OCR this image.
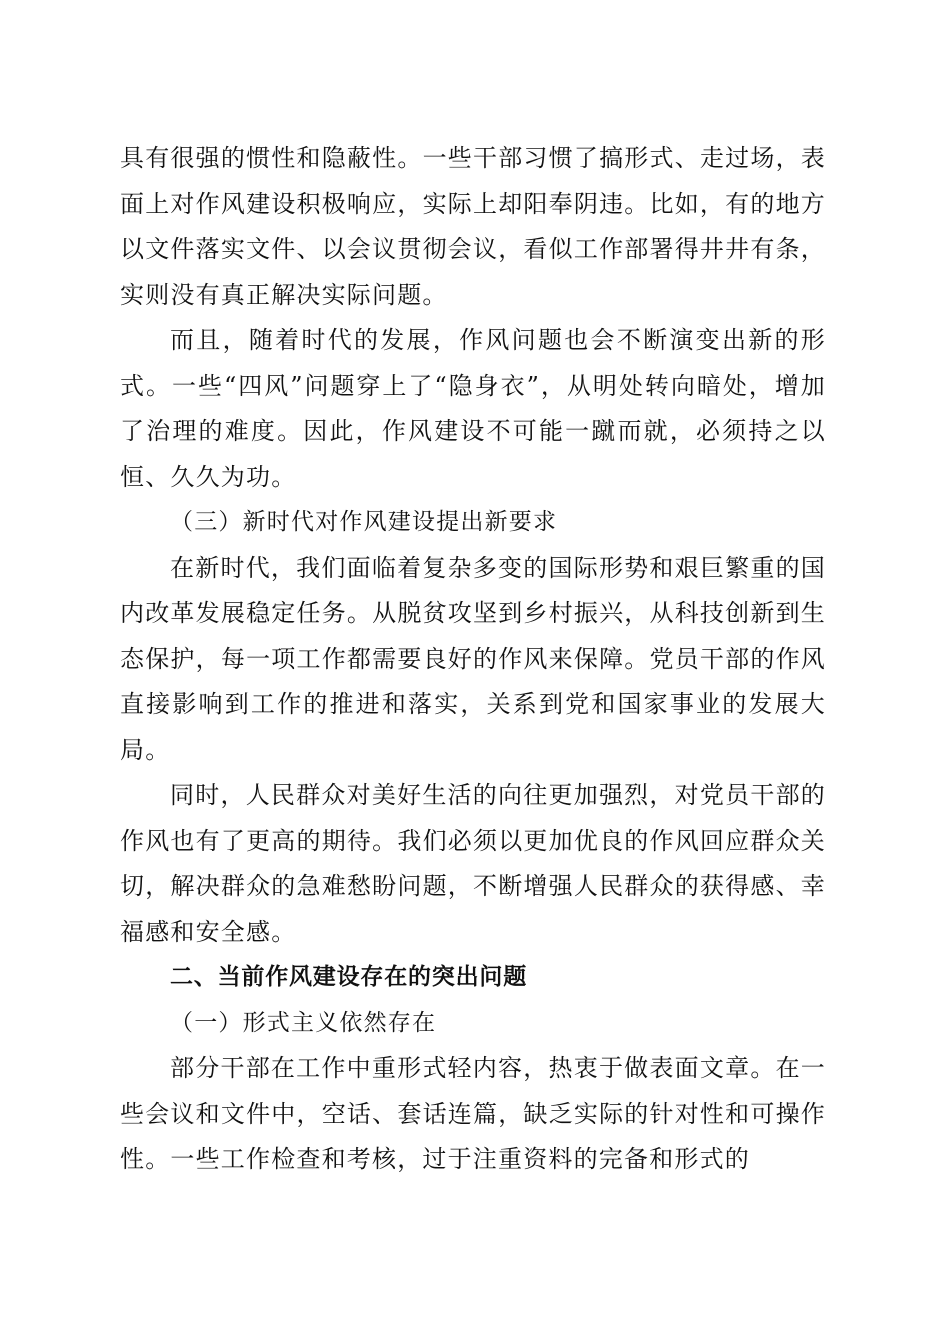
具有很强的惯性和隐蔽性。一些干部习惯了搞形式、走过场，表面上对作风建设积极响应，实际上却阳奉阴违。比如，有的地方以文件落实文件、以会议贯彻会议，看似工作部署得井井有条，实则没有真正解决实际问题。

而且，随着时代的发展，作风问题也会不断演变出新的形式。一些“四风”问题穿上了“隐身衣”，从明处转向暗处，增加了治理的难度。因此，作风建设不可能一蹴而就，必须持之以恒、久久为功。

（三）新时代对作风建设提出新要求

在新时代，我们面临着复杂多变的国际形势和艰巨繁重的国内改革发展稳定任务。从脱贫攻坚到乡村振兴，从科技创新到生态保护，每一项工作都需要良好的作风来保障。党员干部的作风直接影响到工作的推进和落实，关系到党和国家事业的发展大局。

同时，人民群众对美好生活的向往更加强烈，对党员干部的作风也有了更高的期待。我们必须以更加优良的作风回应群众关切，解决群众的急难愁盼问题，不断增强人民群众的获得感、幸福感和安全感。

二、当前作风建设存在的突出问题

（一）形式主义依然存在

部分干部在工作中重形式轻内容，热衷于做表面文章。在一些会议和文件中，空话、套话连篇，缺乏实际的针对性和可操作性。一些工作检查和考核，过于注重资料的完备和形式的
